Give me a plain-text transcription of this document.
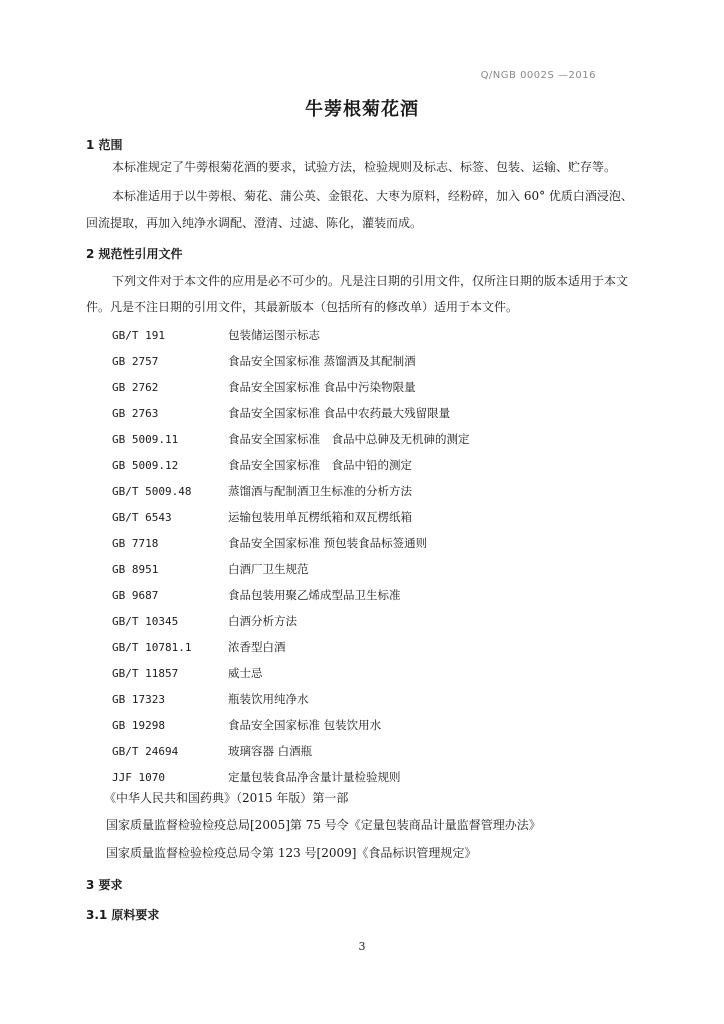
Q/NGB 0002S —2016
牛蒡根菊花酒
1 范围
本标准规定了牛蒡根菊花酒的要求，试验方法，检验规则及标志、标签、包装、运输、贮存等。
本标准适用于以牛蒡根、菊花、蒲公英、金银花、大枣为原料，经粉碎，加入 60° 优质白酒浸泡、
回流提取，再加入纯净水调配、澄清、过滤、陈化，灌装而成。
2 规范性引用文件
下列文件对于本文件的应用是必不可少的。凡是注日期的引用文件，仅所注日期的版本适用于本文
件。凡是不注日期的引用文件，其最新版本（包括所有的修改单）适用于本文件。
GB/T 191	包装储运图示标志
GB 2757	食品安全国家标准 蒸馏酒及其配制酒
GB 2762	食品安全国家标准 食品中污染物限量
GB 2763	食品安全国家标准 食品中农药最大残留限量
GB 5009.11	食品安全国家标准　食品中总砷及无机砷的测定
GB 5009.12	食品安全国家标准　食品中铅的测定
GB/T 5009.48	蒸馏酒与配制酒卫生标准的分析方法
GB/T 6543	运输包装用单瓦楞纸箱和双瓦楞纸箱
GB 7718	食品安全国家标准 预包装食品标签通则
GB 8951	白酒厂卫生规范
GB 9687	食品包装用聚乙烯成型品卫生标准
GB/T 10345	白酒分析方法
GB/T 10781.1	浓香型白酒
GB/T 11857	威士忌
GB 17323	瓶装饮用纯净水
GB 19298	食品安全国家标准 包装饮用水
GB/T 24694	玻璃容器 白酒瓶
JJF 1070	定量包装食品净含量计量检验规则
《中华人民共和国药典》（2015 年版）第一部
国家质量监督检验检疫总局[2005]第 75 号令《定量包装商品计量监督管理办法》
国家质量监督检验检疫总局令第 123 号[2009]《食品标识管理规定》
3 要求
3.1 原料要求
3
